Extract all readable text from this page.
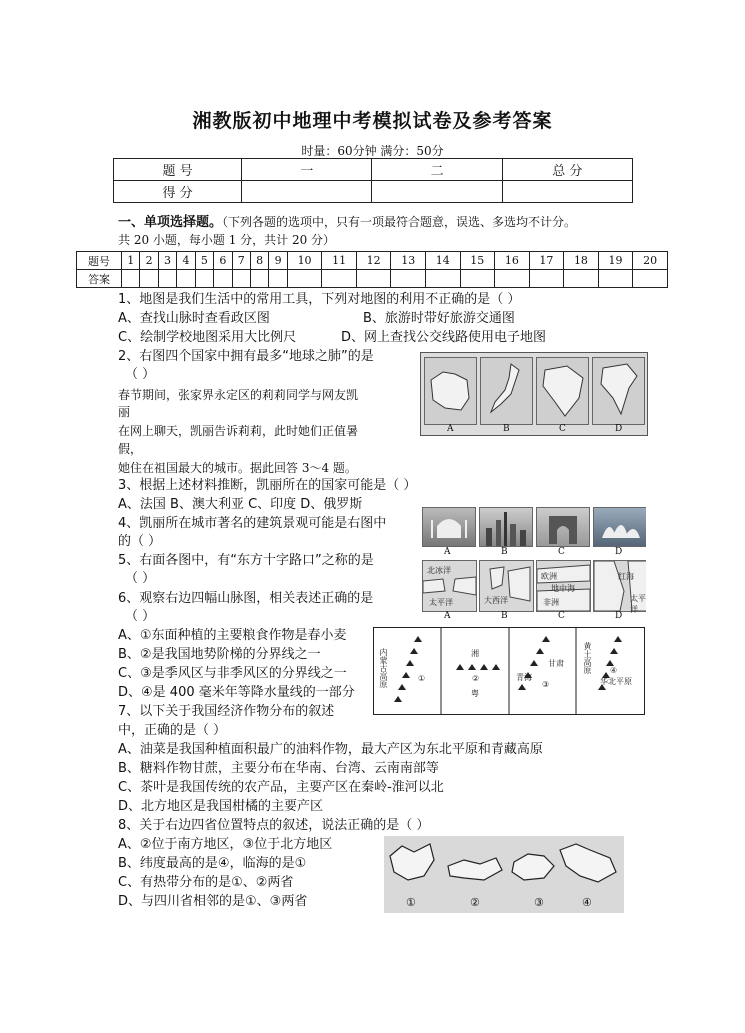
湘教版初中地理中考模拟试卷及参考答案
时量：60分钟 满分：50分
题 号	一	二	总 分
得 分			
一、单项选择题。（下列各题的选项中，只有一项最符合题意，误选、多选均不计分。
共 20 小题，每小题 1 分，共计 20 分）
题号	1	2	3	4	5	6	7	8	9	10	11	12	13	14	15	16	17	18	19	20
答案																				
1、地图是我们生活中的常用工具，下列对地图的利用不正确的是（ ）
A、查找山脉时查看政区图	B、旅游时带好旅游交通图
C、绘制学校地图采用大比例尺	D、网上查找公交线路使用电子地图
2、右图四个国家中拥有最多“地球之肺”的是
（ ）
春节期间，张家界永定区的莉莉同学与网友凯
丽
在网上聊天，凯丽告诉莉莉，此时她们正值暑
假，
她住在祖国最大的城市。据此回答 3～4 题。
A	B	C	D
3、根据上述材料推断，凯丽所在的国家可能是（ ）
A、法国 B、澳大利亚 C、印度 D、俄罗斯
4、凯丽所在城市著名的建筑景观可能是右图中
的（ ）
A	B	C	D
5、右面各图中，有“东方十字路口”之称的是
（ ）
6、观察右边四幅山脉图，相关表述正确的是
（ ）
北冰洋
太平洋	大西洋
欧洲
地中海
非洲
红海
太平洋
A	B	C	D
A、①东面种植的主要粮食作物是春小麦
B、②是我国地势阶梯的分界线之一
C、③是季风区与非季风区的分界线之一
D、④是 400 毫米年等降水量线的一部分
7、以下关于我国经济作物分布的叙述
中，正确的是（ ）
内蒙古高原	①
湘
②
粤
甘肃
青海
③
黄土高原 ④
华北平原
A、油菜是我国种植面积最广的油料作物，最大产区为东北平原和青藏高原
B、糖料作物甘蔗，主要分布在华南、台湾、云南南部等
C、茶叶是我国传统的农产品，主要产区在秦岭-淮河以北
D、北方地区是我国柑橘的主要产区
8、关于右边四省位置特点的叙述，说法正确的是（ ）
A、②位于南方地区，③位于北方地区
B、纬度最高的是④，临海的是①
C、有热带分布的是①、②两省
D、与四川省相邻的是①、③两省	①	②	③	④
